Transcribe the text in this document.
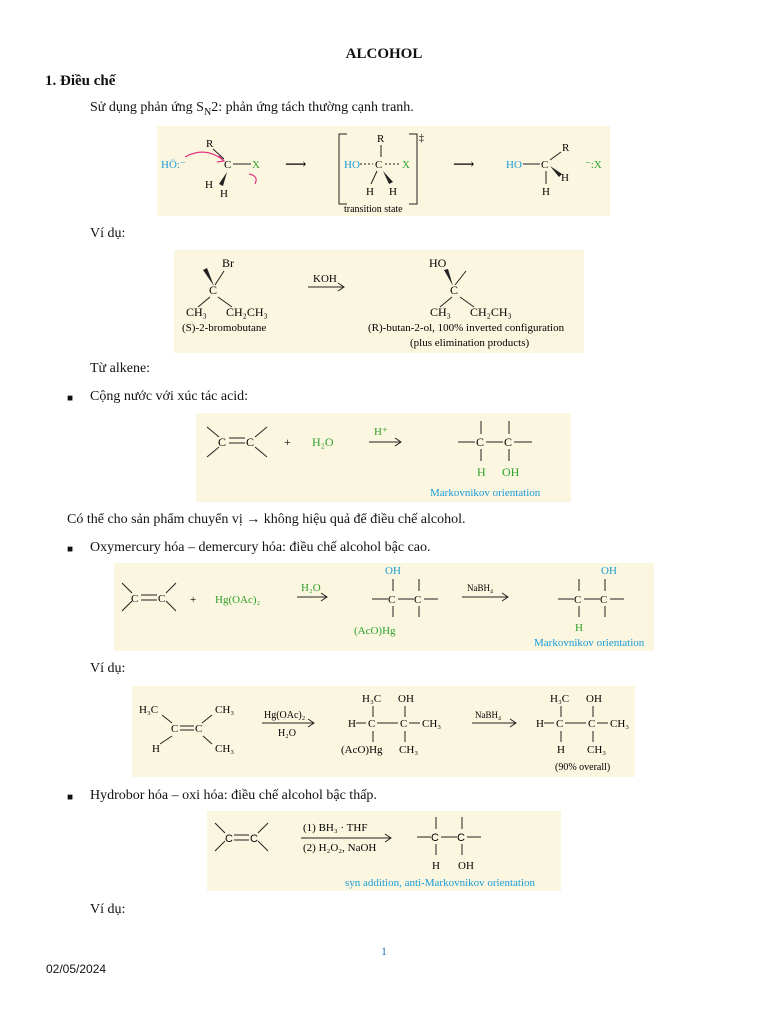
ALCOHOL
1. Điều chế
Sử dụng phản ứng $S_N2$: phản ứng tách thường cạnh tranh.
HÖ:⁻
R
C X
H
H
⟶
‡
HO
R
C X
H H
transition state
⟶	HO C
R
H
H
⁻:X
Ví dụ:
Br
C
CH₃ CH₂CH₃
(S)-2-bromobutane
KOH
HO
C
CH₃ CH₂CH₃
(R)-butan-2-ol, 100% inverted configuration
(plus elimination products)
Từ alkene:
■ Cộng nước với xúc tác acid:
C C + H₂O
H⁺
C C
H OH
Markovnikov orientation
Có thể cho sản phẩm chuyển vị → không hiệu quả để điều chế alcohol.
■ Oxymercury hóa – demercury hóa: điều chế alcohol bậc cao.
C C + Hg(OAc)₂
H₂O
OH
C C
(AcO)Hg
NaBH₄
OH
C C
H
Markovnikov orientation
Ví dụ:
H₃C	CH₃
C C
H	CH₃
Hg(OAc)₂
H₂O
H₃C OH
H C C CH₃
(AcO)Hg CH₃
NaBH₄
H₃C OH
H C C CH₃
H CH₃
(90% overall)
■ Hydrobor hóa – oxi hóa: điều chế alcohol bậc thấp.
C C
(1) BH₃ · THF
(2) H₂O₂, NaOH
C C
H OH
syn addition, anti-Markovnikov orientation
Ví dụ:
1
02/05/2024
